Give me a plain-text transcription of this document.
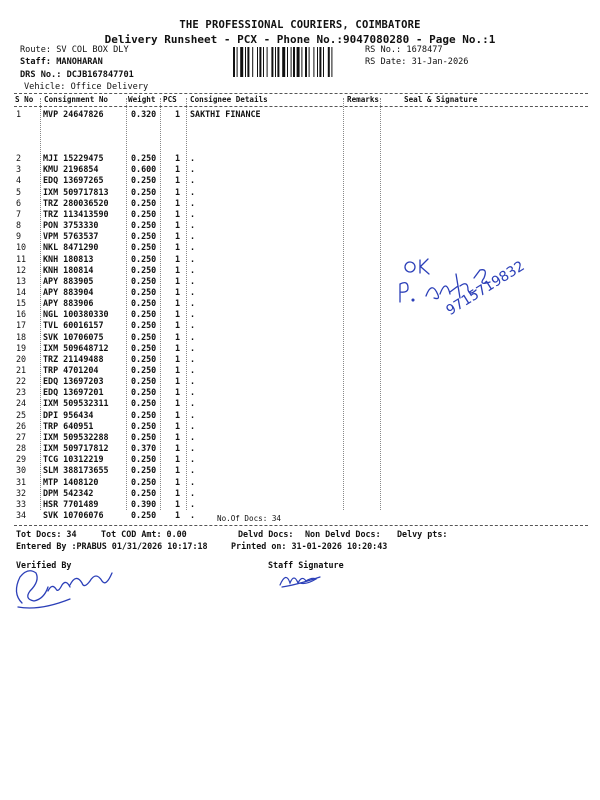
THE PROFESSIONAL COURIERS, COIMBATORE
Delivery Runsheet - PCX - Phone No.:9047080280 - Page No.:1
Route: SV COL BOX DLY
Staff: MANOHARAN
DRS No.: DCJB167847701
Vehicle: Office Delivery
RS No.: 1678477
RS Date: 31-Jan-2026
S No Consignment No	Weight PCS Consignee Details	Remarks	Seal & Signature
1	MVP 24647826	0.320 1 SAKTHI FINANCE
2	MJI 15229475	0.250 1 .
3	KMU 2196854	0.600 1 .
4	EDQ 13697265	0.250 1 .
5	IXM 509717813	0.250 1 .
6	TRZ 280036520	0.250 1 .
7	TRZ 113413590	0.250 1 .
8	PON 3753330	0.250 1 .
9	VPM 5763537	0.250 1 .
10 NKL 8471290	0.250 1 .
11 KNH 180813	0.250 1 .
12 KNH 180814	0.250 1 .
13 APY 883905	0.250 1 .
14 APY 883904	0.250 1 .
15 APY 883906	0.250 1 .
16 NGL 100380330	0.250 1 .
17 TVL 60016157	0.250 1 .
18 SVK 10706075	0.250 1 .
19 IXM 509648712	0.250 1 .
20 TRZ 21149488	0.250 1 .
21 TRP 4701204	0.250 1 .
22 EDQ 13697203	0.250 1 .
23 EDQ 13697201	0.250 1 .
24 IXM 509532311	0.250 1 .
25 DPI 956434	0.250 1 .
26 TRP 640951	0.250 1 .
27 IXM 509532288	0.250 1 .
28 IXM 509717812	0.370 1 .
29 TCG 10312219	0.250 1 .
30 SLM 388173655	0.250 1 .
31 MTP 1408120	0.250 1 .
32 DPM 542342	0.250 1 .
33 HSR 7701489	0.390 1 .
34 SVK 10706076	0.250 1 .	No.Of Docs: 34
Tot Docs: 34	Tot COD Amt: 0.00	Delvd Docs: Non Delvd Docs: Delvy pts:
Entered By :PRABUS 01/31/2026 10:17:18	Printed on: 31-01-2026 10:20:43
Verified By	Staff Signature
9715719832
